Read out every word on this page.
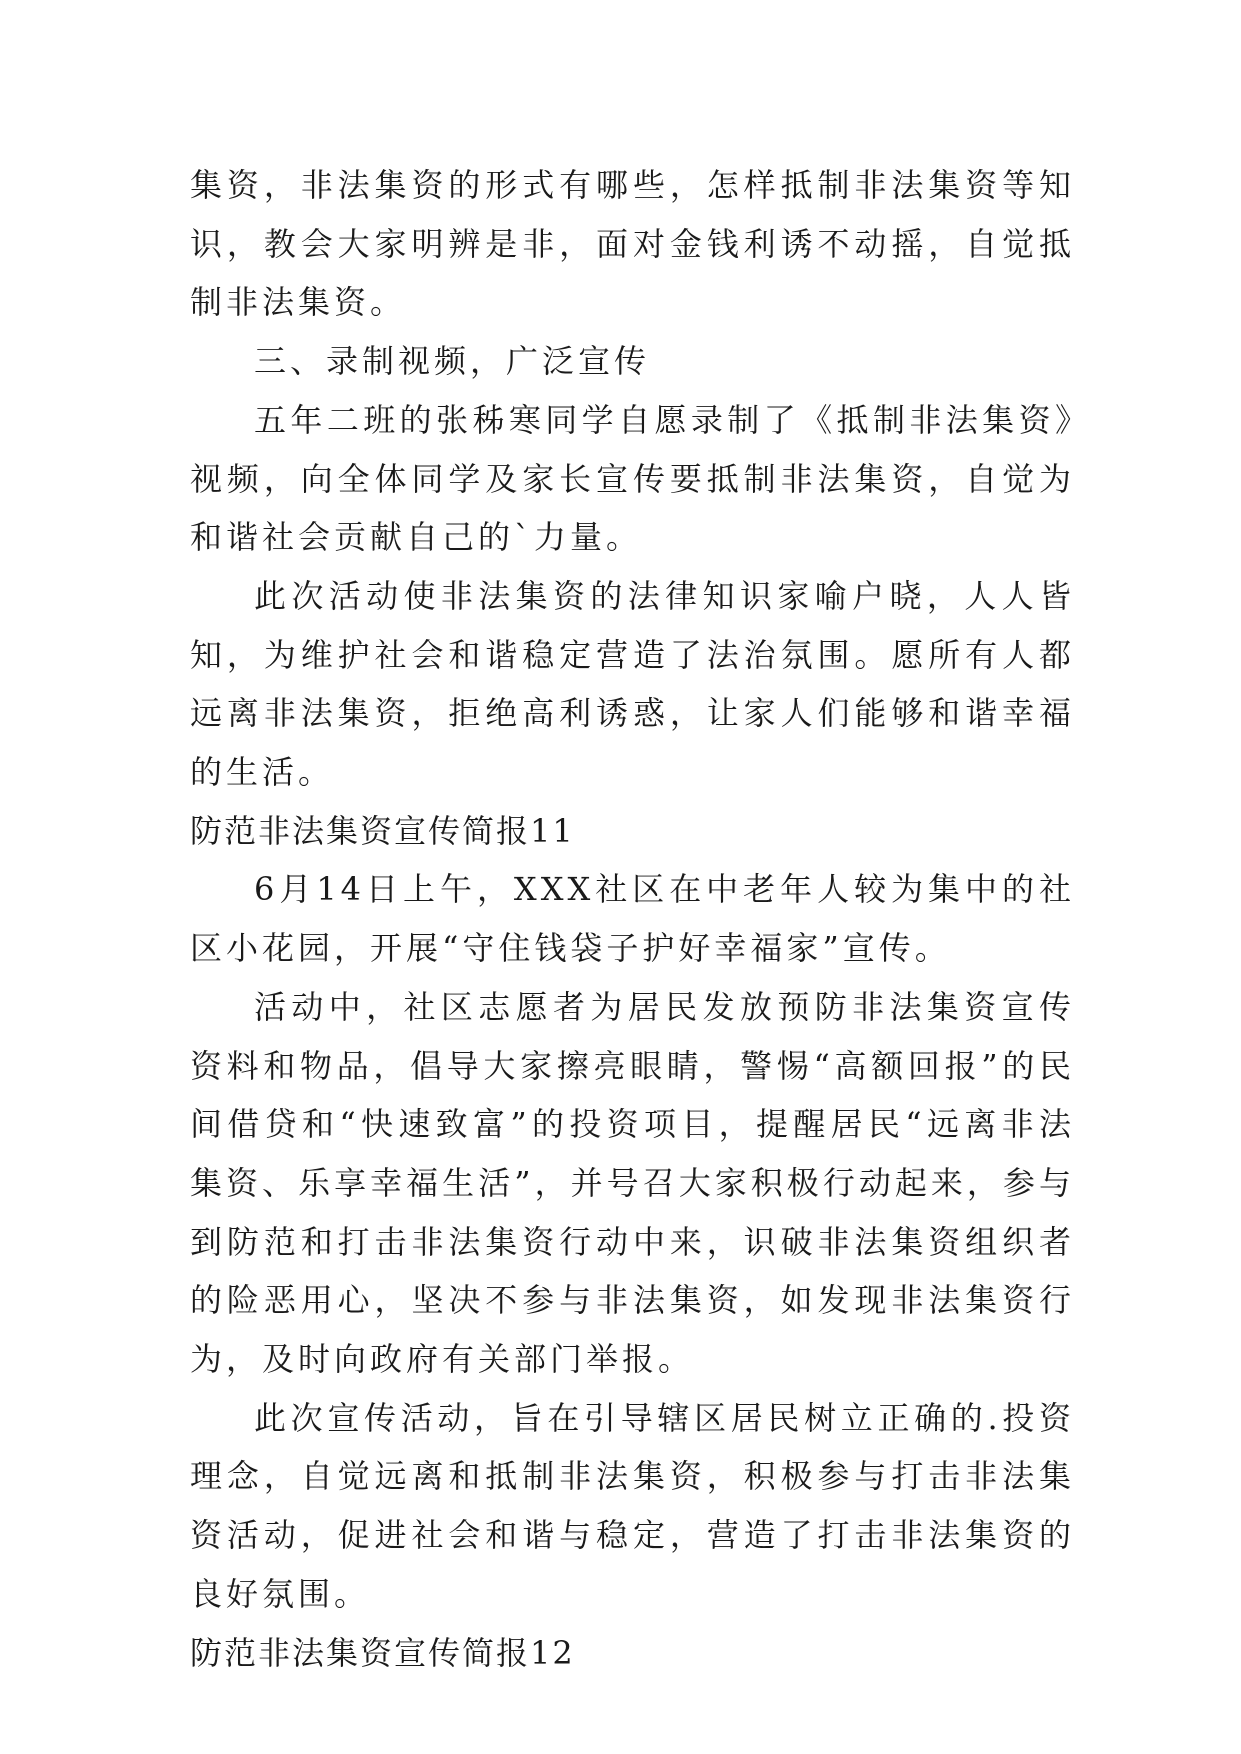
集资，非法集资的形式有哪些，怎样抵制非法集资等知识，教会大家明辨是非，面对金钱利诱不动摇，自觉抵制非法集资。

三、录制视频，广泛宣传

五年二班的张秭寒同学自愿录制了《抵制非法集资》视频，向全体同学及家长宣传要抵制非法集资，自觉为和谐社会贡献自己的`力量。

此次活动使非法集资的法律知识家喻户晓，人人皆知，为维护社会和谐稳定营造了法治氛围。愿所有人都远离非法集资，拒绝高利诱惑，让家人们能够和谐幸福的生活。

防范非法集资宣传简报11

6月14日上午，XXX社区在中老年人较为集中的社区小花园，开展“守住钱袋子护好幸福家”宣传。

活动中，社区志愿者为居民发放预防非法集资宣传资料和物品，倡导大家擦亮眼睛，警惕“高额回报”的民间借贷和“快速致富”的投资项目，提醒居民“远离非法集资、乐享幸福生活”，并号召大家积极行动起来，参与到防范和打击非法集资行动中来，识破非法集资组织者的险恶用心，坚决不参与非法集资，如发现非法集资行为，及时向政府有关部门举报。

此次宣传活动，旨在引导辖区居民树立正确的.投资理念，自觉远离和抵制非法集资，积极参与打击非法集资活动，促进社会和谐与稳定，营造了打击非法集资的良好氛围。

防范非法集资宣传简报12
